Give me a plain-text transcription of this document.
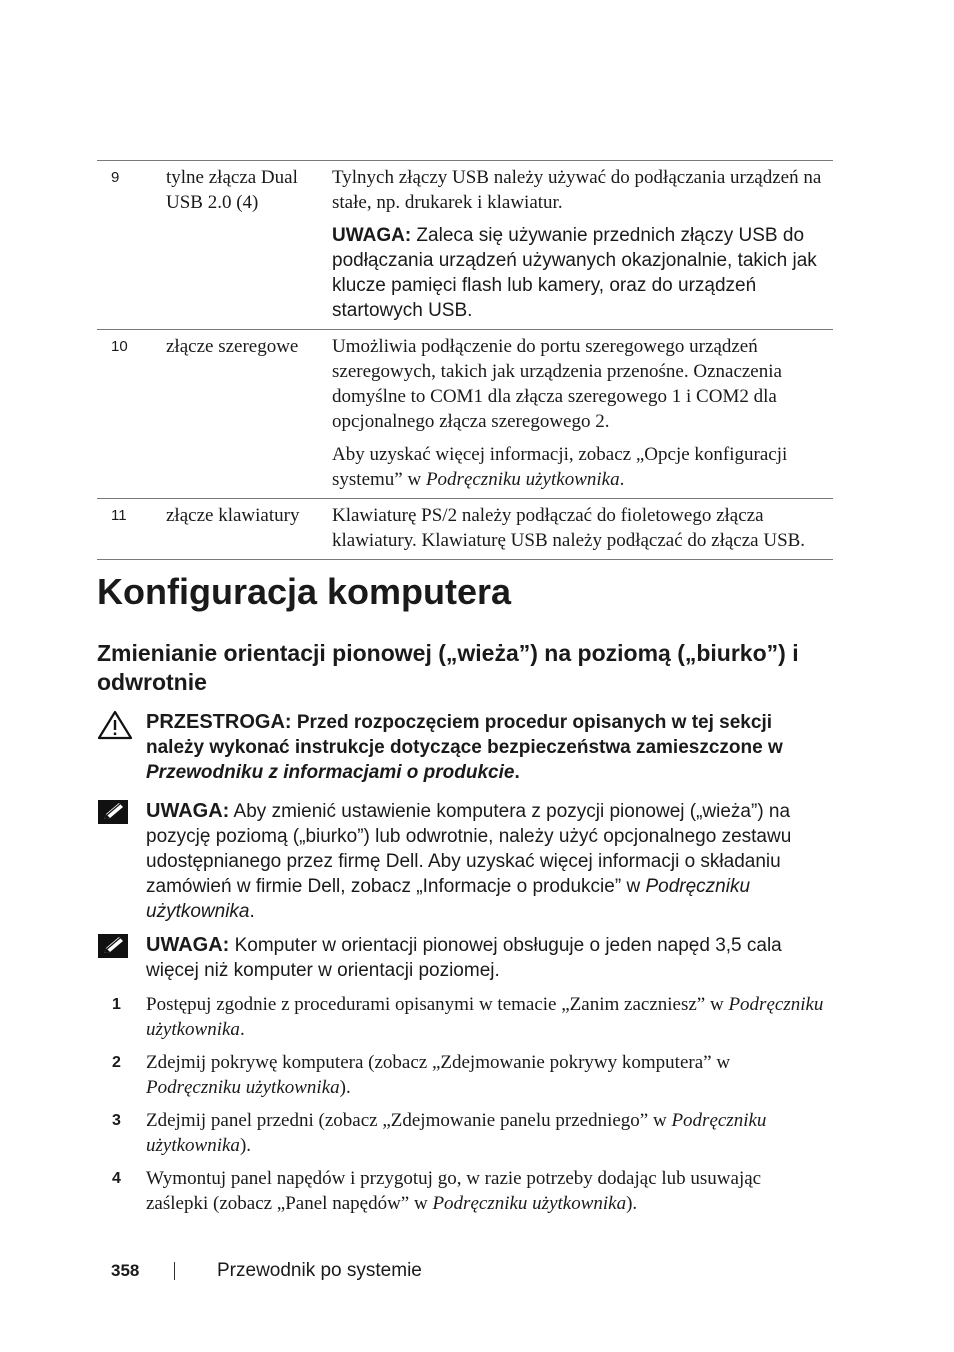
9	tylne złącza Dual USB 2.0 (4)	Tylnych złączy USB należy używać do podłączania urządzeń na stałe, np. drukarek i klawiatur.

UWAGA: Zaleca się używanie przednich złączy USB do podłączania urządzeń używanych okazjonalnie, takich jak klucze pamięci flash lub kamery, oraz do urządzeń startowych USB.

10	złącze szeregowe	Umożliwia podłączenie do portu szeregowego urządzeń szeregowych, takich jak urządzenia przenośne. Oznaczenia domyślne to COM1 dla złącza szeregowego 1 i COM2 dla opcjonalnego złącza szeregowego 2.

Aby uzyskać więcej informacji, zobacz „Opcje konfiguracji systemu” w Podręczniku użytkownika.

11	złącze klawiatury	Klawiaturę PS/2 należy podłączać do fioletowego złącza klawiatury. Klawiaturę USB należy podłączać do złącza USB.

Konfiguracja komputera
Zmienianie orientacji pionowej („wieża”) na poziomą („biurko”) i odwrotnie
PRZESTROGA: Przed rozpoczęciem procedur opisanych w tej sekcji należy wykonać instrukcje dotyczące bezpieczeństwa zamieszczone w Przewodniku z informacjami o produkcie.
UWAGA: Aby zmienić ustawienie komputera z pozycji pionowej („wieża”) na pozycję poziomą („biurko”) lub odwrotnie, należy użyć opcjonalnego zestawu udostępnianego przez firmę Dell. Aby uzyskać więcej informacji o składaniu zamówień w firmie Dell, zobacz „Informacje o produkcie” w Podręczniku użytkownika.
UWAGA: Komputer w orientacji pionowej obsługuje o jeden napęd 3,5 cala więcej niż komputer w orientacji poziomej.
1 Postępuj zgodnie z procedurami opisanymi w temacie „Zanim zaczniesz” w Podręczniku użytkownika.
2 Zdejmij pokrywę komputera (zobacz „Zdejmowanie pokrywy komputera” w Podręczniku użytkownika).
3 Zdejmij panel przedni (zobacz „Zdejmowanie panelu przedniego” w Podręczniku użytkownika).
4 Wymontuj panel napędów i przygotuj go, w razie potrzeby dodając lub usuwając zaślepki (zobacz „Panel napędów” w Podręczniku użytkownika).
358	Przewodnik po systemie
